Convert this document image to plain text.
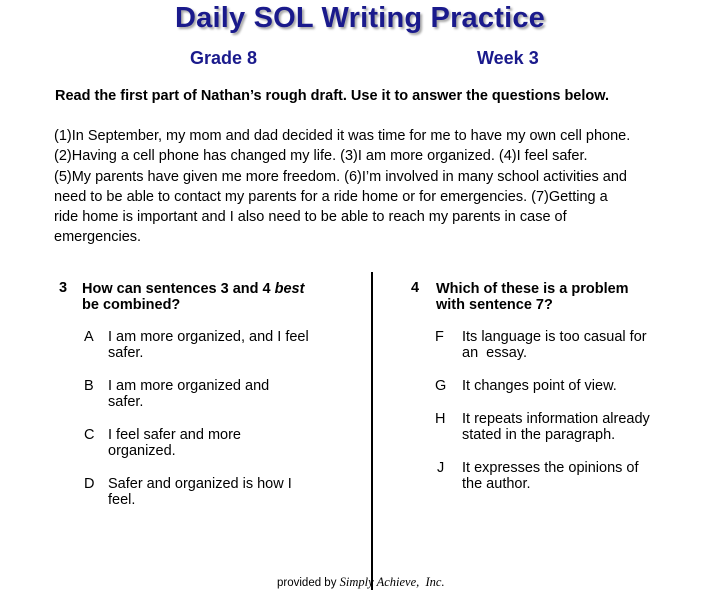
Daily SOL Writing Practice
Grade 8	Week 3
Read the first part of Nathan’s rough draft. Use it to answer the questions below.
(1)In September, my mom and dad decided it was time for me to have my own cell phone.
(2)Having a cell phone has changed my life. (3)I am more organized. (4)I feel safer.
(5)My parents have given me more freedom. (6)I’m involved in many school activities and
need to be able to contact my parents for a ride home or for emergencies. (7)Getting a
ride home is important and I also need to be able to reach my parents in case of
emergencies.
3 How can sentences 3 and 4 best
be combined?
A I am more organized, and I feel
safer.
B I am more organized and
safer.
C I feel safer and more
organized.
D Safer and organized is how I
feel.
4 Which of these is a problem
with sentence 7?
F Its language is too casual for
an  essay.
G It changes point of view.
H It repeats information already
stated in the paragraph.
J It expresses the opinions of
the author.
provided by Simply Achieve,  Inc.
